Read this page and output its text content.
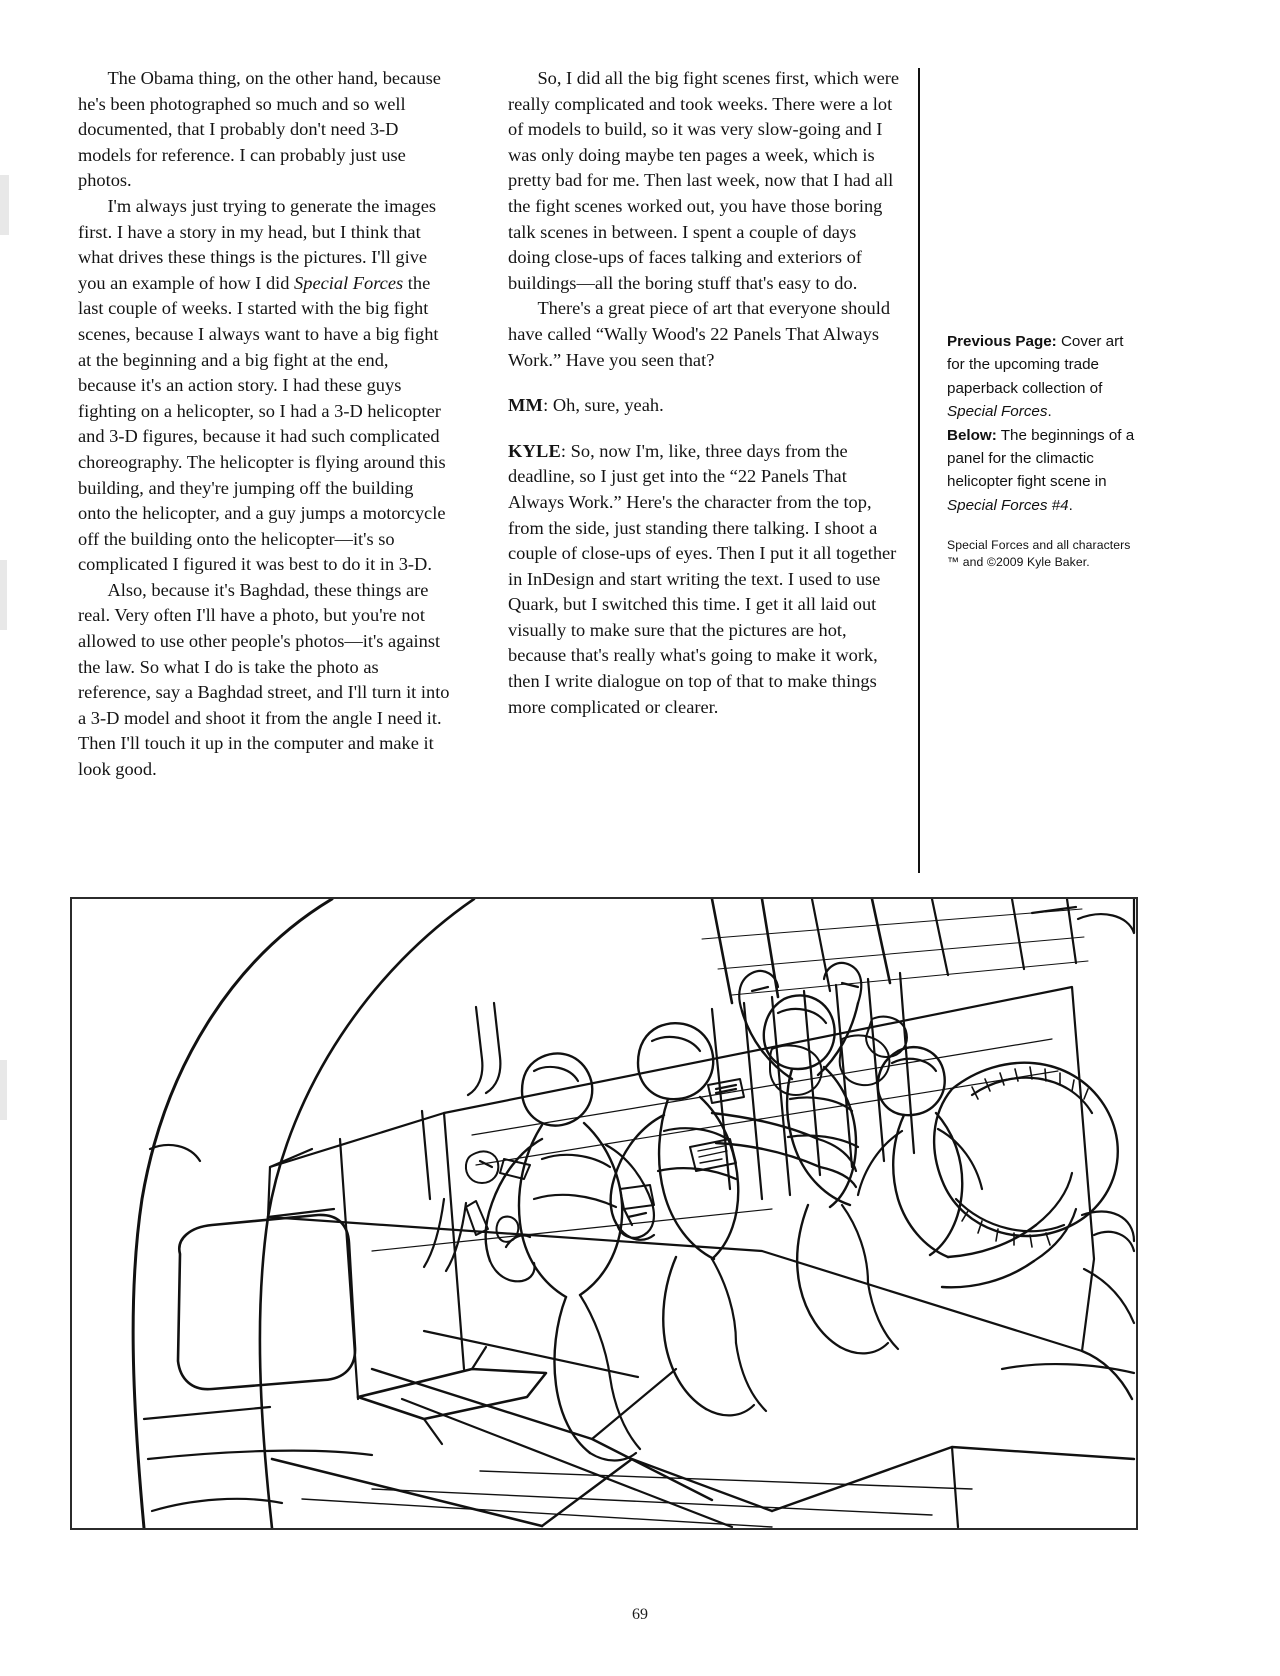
The Obama thing, on the other hand, because he's been photographed so much and so well documented, that I probably don't need 3-D models for reference. I can probably just use photos.

I'm always just trying to generate the images first. I have a story in my head, but I think that what drives these things is the pictures. I'll give you an example of how I did Special Forces the last couple of weeks. I started with the big fight scenes, because I always want to have a big fight at the beginning and a big fight at the end, because it's an action story. I had these guys fighting on a helicopter, so I had a 3-D helicopter and 3-D figures, because it had such complicated choreography. The helicopter is flying around this building, and they're jumping off the building onto the helicopter, and a guy jumps a motorcycle off the building onto the helicopter—it's so complicated I figured it was best to do it in 3-D.

Also, because it's Baghdad, these things are real. Very often I'll have a photo, but you're not allowed to use other people's photos—it's against the law. So what I do is take the photo as reference, say a Baghdad street, and I'll turn it into a 3-D model and shoot it from the angle I need it. Then I'll touch it up in the computer and make it look good.

So, I did all the big fight scenes first, which were really complicated and took weeks. There were a lot of models to build, so it was very slow-going and I was only doing maybe ten pages a week, which is pretty bad for me. Then last week, now that I had all the fight scenes worked out, you have those boring talk scenes in between. I spent a couple of days doing close-ups of faces talking and exteriors of buildings—all the boring stuff that's easy to do.

There's a great piece of art that everyone should have called “Wally Wood's 22 Panels That Always Work.” Have you seen that?

MM: Oh, sure, yeah.

KYLE: So, now I'm, like, three days from the deadline, so I just get into the “22 Panels That Always Work.” Here's the character from the top, from the side, just standing there talking. I shoot a couple of close-ups of eyes. Then I put it all together in InDesign and start writing the text. I used to use Quark, but I switched this time. I get it all laid out visually to make sure that the pictures are hot, because that's really what's going to make it work, then I write dialogue on top of that to make things more complicated or clearer.

Previous Page: Cover art for the upcoming trade paperback collection of Special Forces.
Below: The beginnings of a panel for the climactic helicopter fight scene in Special Forces #4.
Special Forces and all characters
™ and ©2009 Kyle Baker.
69
